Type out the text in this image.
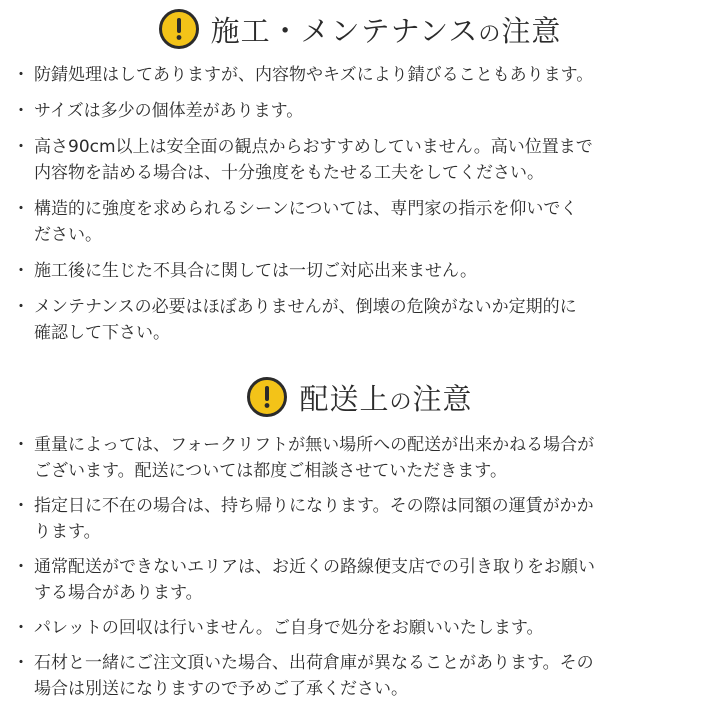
施工・メンテナンスの注意
・ 防錆処理はしてありますが、内容物やキズにより錆びることもあります。
・ サイズは多少の個体差があります。
・ 高さ90cm以上は安全面の観点からおすすめしていません。高い位置まで
内容物を詰める場合は、十分強度をもたせる工夫をしてください。
・ 構造的に強度を求められるシーンについては、専門家の指示を仰いでく
ださい。
・ 施工後に生じた不具合に関しては一切ご対応出来ません。
・ メンテナンスの必要はほぼありませんが、倒壊の危険がないか定期的に
確認して下さい。
配送上の注意
・ 重量によっては、フォークリフトが無い場所への配送が出来かねる場合が
ございます。配送については都度ご相談させていただきます。
・ 指定日に不在の場合は、持ち帰りになります。その際は同額の運賃がかか
ります。
・ 通常配送ができないエリアは、お近くの路線便支店での引き取りをお願い
する場合があります。
・ パレットの回収は行いません。ご自身で処分をお願いいたします。
・ 石材と一緒にご注文頂いた場合、出荷倉庫が異なることがあります。その
場合は別送になりますので予めご了承ください。
